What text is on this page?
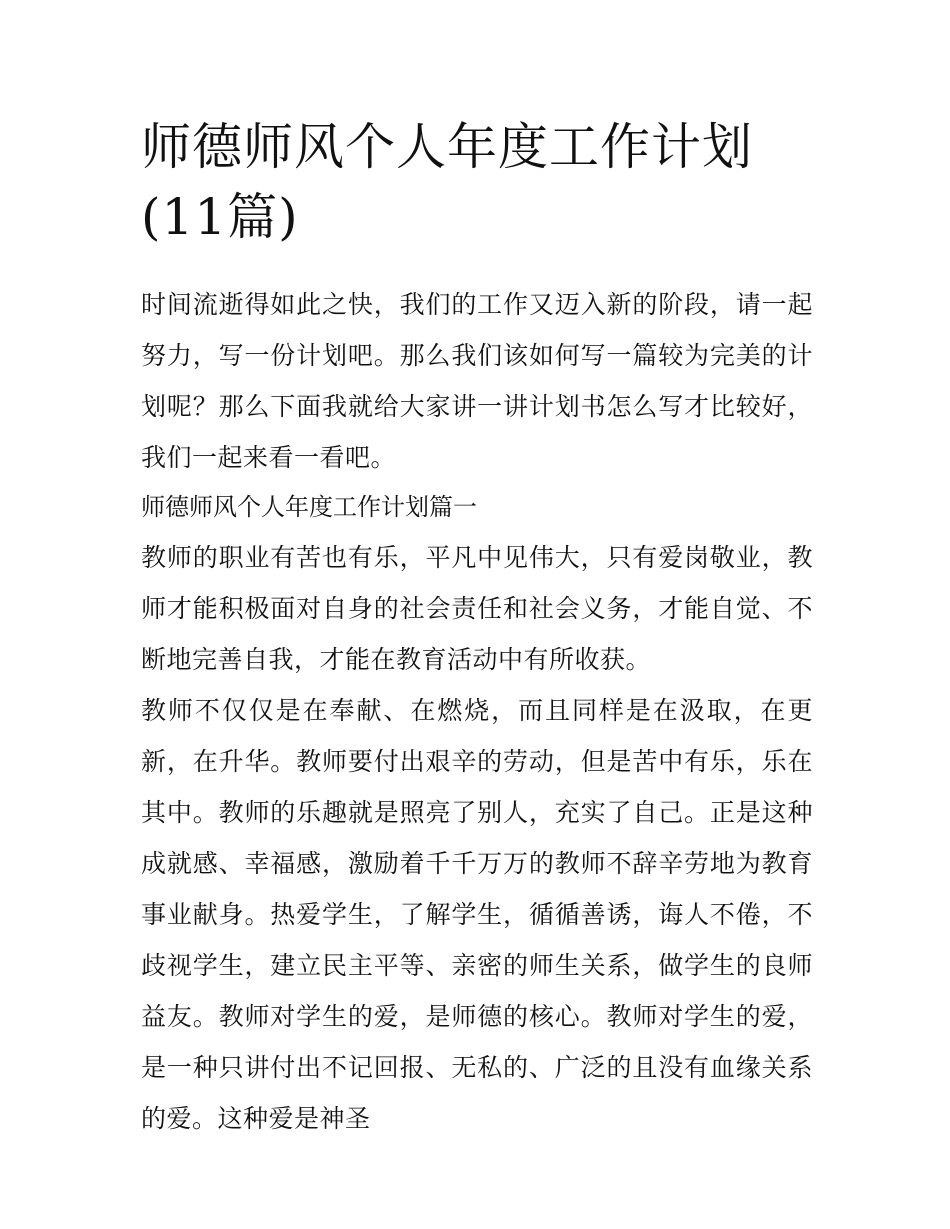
师德师风个人年度工作计划(11篇)

时间流逝得如此之快，我们的工作又迈入新的阶段，请一起努力，写一份计划吧。那么我们该如何写一篇较为完美的计划呢？那么下面我就给大家讲一讲计划书怎么写才比较好，我们一起来看一看吧。

师德师风个人年度工作计划篇一

教师的职业有苦也有乐，平凡中见伟大，只有爱岗敬业，教师才能积极面对自身的社会责任和社会义务，才能自觉、不断地完善自我，才能在教育活动中有所收获。

教师不仅仅是在奉献、在燃烧，而且同样是在汲取，在更新，在升华。教师要付出艰辛的劳动，但是苦中有乐，乐在其中。教师的乐趣就是照亮了别人，充实了自己。正是这种成就感、幸福感，激励着千千万万的教师不辞辛劳地为教育事业献身。热爱学生，了解学生，循循善诱，诲人不倦，不歧视学生，建立民主平等、亲密的师生关系，做学生的良师益友。教师对学生的爱，是师德的核心。教师对学生的爱，是一种只讲付出不记回报、无私的、广泛的且没有血缘关系的爱。这种爱是神圣
